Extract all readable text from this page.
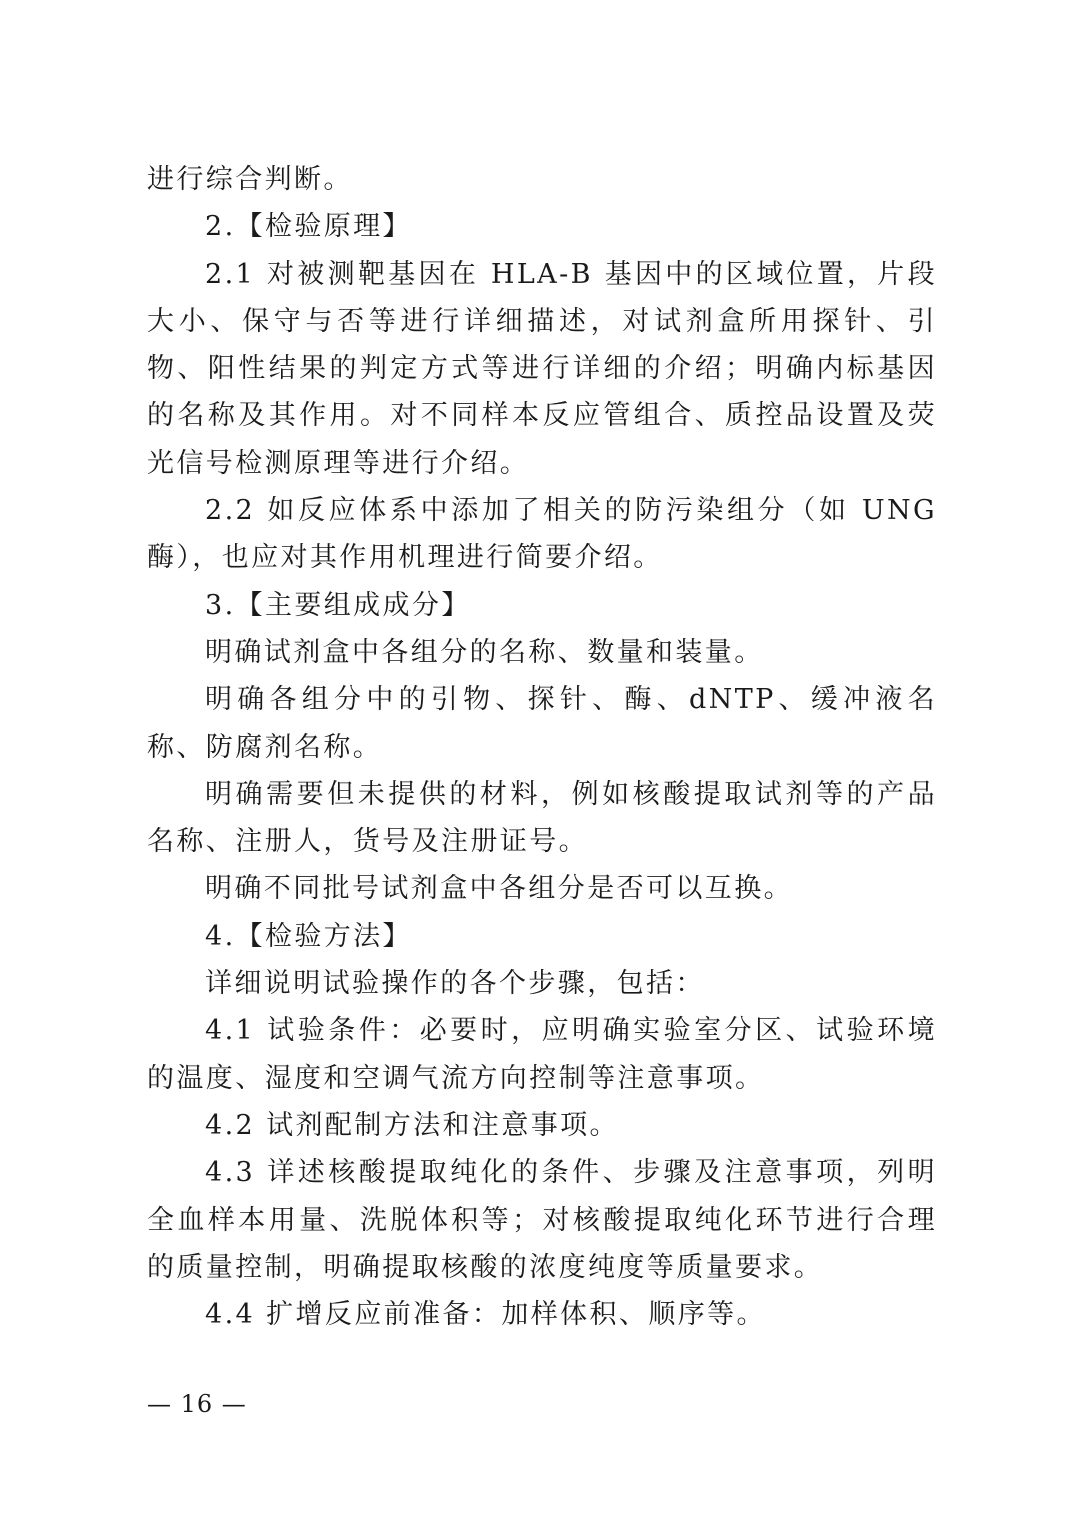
进行综合判断。

2.【检验原理】

2.1 对被测靶基因在 HLA-B 基因中的区域位置，片段大小、保守与否等进行详细描述，对试剂盒所用探针、引物、阳性结果的判定方式等进行详细的介绍；明确内标基因的名称及其作用。对不同样本反应管组合、质控品设置及荧光信号检测原理等进行介绍。

2.2 如反应体系中添加了相关的防污染组分（如 UNG 酶），也应对其作用机理进行简要介绍。

3.【主要组成成分】

明确试剂盒中各组分的名称、数量和装量。

明确各组分中的引物、探针、酶、dNTP、缓冲液名称、防腐剂名称。

明确需要但未提供的材料，例如核酸提取试剂等的产品名称、注册人，货号及注册证号。

明确不同批号试剂盒中各组分是否可以互换。

4.【检验方法】

详细说明试验操作的各个步骤，包括：

4.1 试验条件：必要时，应明确实验室分区、试验环境的温度、湿度和空调气流方向控制等注意事项。

4.2 试剂配制方法和注意事项。

4.3 详述核酸提取纯化的条件、步骤及注意事项，列明全血样本用量、洗脱体积等；对核酸提取纯化环节进行合理的质量控制，明确提取核酸的浓度纯度等质量要求。

4.4 扩增反应前准备：加样体积、顺序等。

— 16 —
